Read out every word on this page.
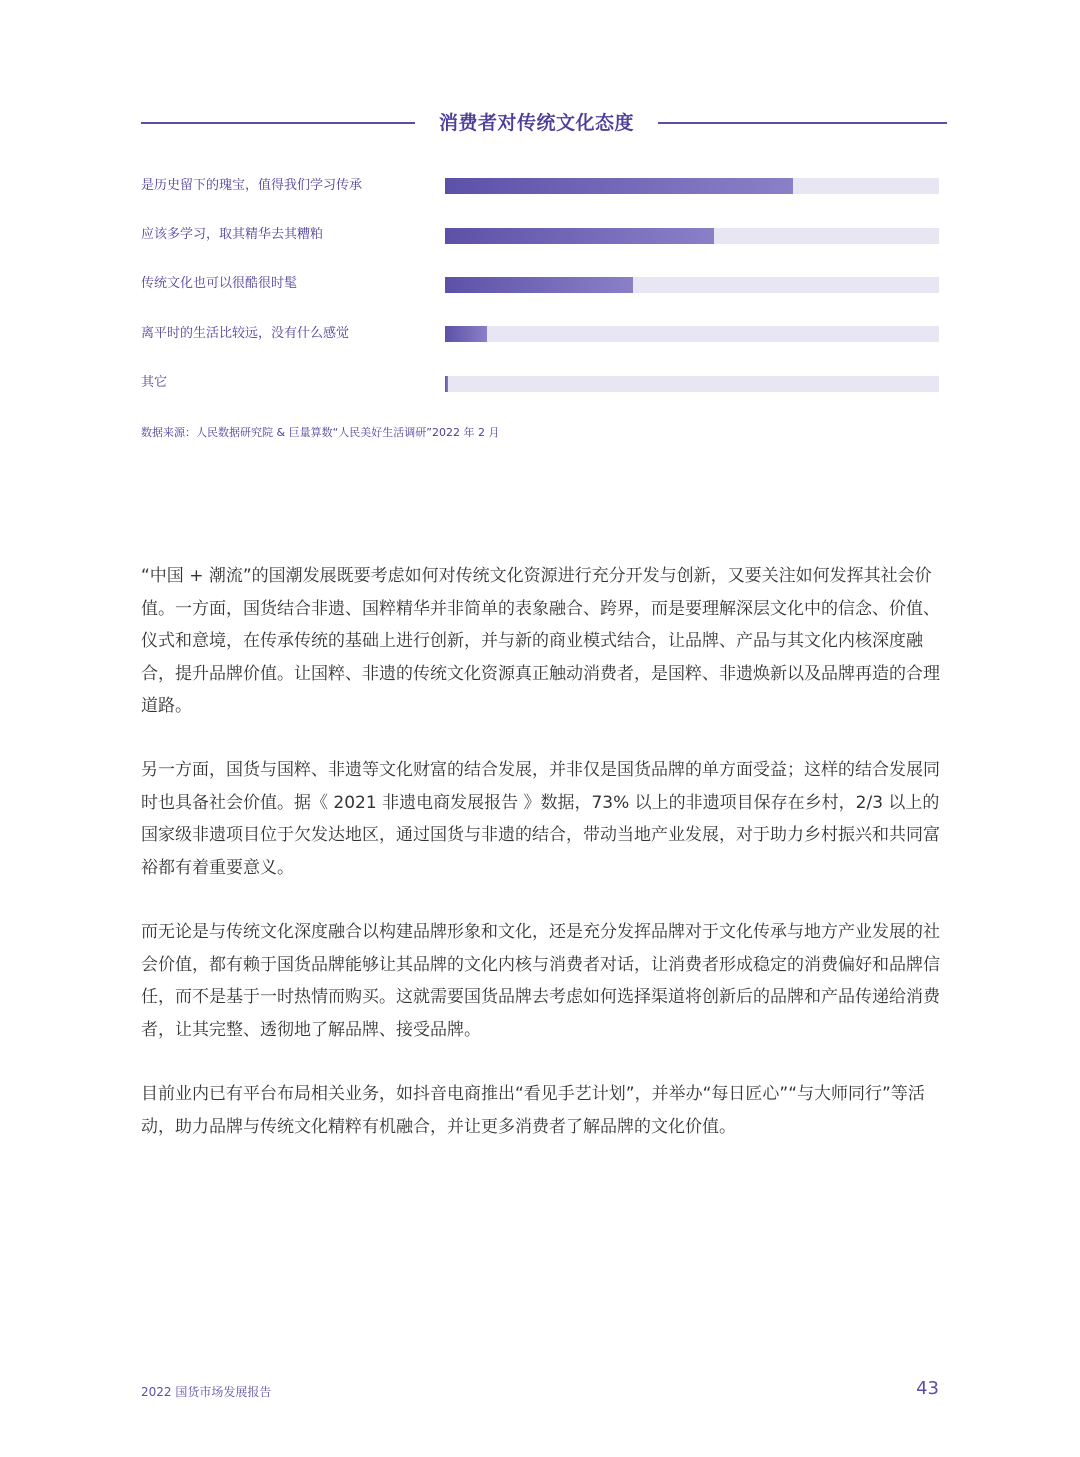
消费者对传统文化态度
是历史留下的瑰宝，值得我们学习传承
应该多学习，取其精华去其糟粕
传统文化也可以很酷很时髦
离平时的生活比较远，没有什么感觉
其它
数据来源：人民数据研究院 & 巨量算数“人民美好生活调研”2022 年 2 月

“中国 + 潮流”的国潮发展既要考虑如何对传统文化资源进行充分开发与创新，又要关注如何发挥其社会价值。一方面，国货结合非遗、国粹精华并非简单的表象融合、跨界，而是要理解深层文化中的信念、价值、仪式和意境，在传承传统的基础上进行创新，并与新的商业模式结合，让品牌、产品与其文化内核深度融合，提升品牌价值。让国粹、非遗的传统文化资源真正触动消费者，是国粹、非遗焕新以及品牌再造的合理道路。

另一方面，国货与国粹、非遗等文化财富的结合发展，并非仅是国货品牌的单方面受益；这样的结合发展同时也具备社会价值。据《 2021 非遗电商发展报告 》数据，73% 以上的非遗项目保存在乡村，2/3 以上的国家级非遗项目位于欠发达地区，通过国货与非遗的结合，带动当地产业发展，对于助力乡村振兴和共同富裕都有着重要意义。

而无论是与传统文化深度融合以构建品牌形象和文化，还是充分发挥品牌对于文化传承与地方产业发展的社会价值，都有赖于国货品牌能够让其品牌的文化内核与消费者对话，让消费者形成稳定的消费偏好和品牌信任，而不是基于一时热情而购买。这就需要国货品牌去考虑如何选择渠道将创新后的品牌和产品传递给消费者，让其完整、透彻地了解品牌、接受品牌。

目前业内已有平台布局相关业务，如抖音电商推出“看见手艺计划”，并举办“每日匠心”“与大师同行”等活动，助力品牌与传统文化精粹有机融合，并让更多消费者了解品牌的文化价值。

2022 国货市场发展报告	43
